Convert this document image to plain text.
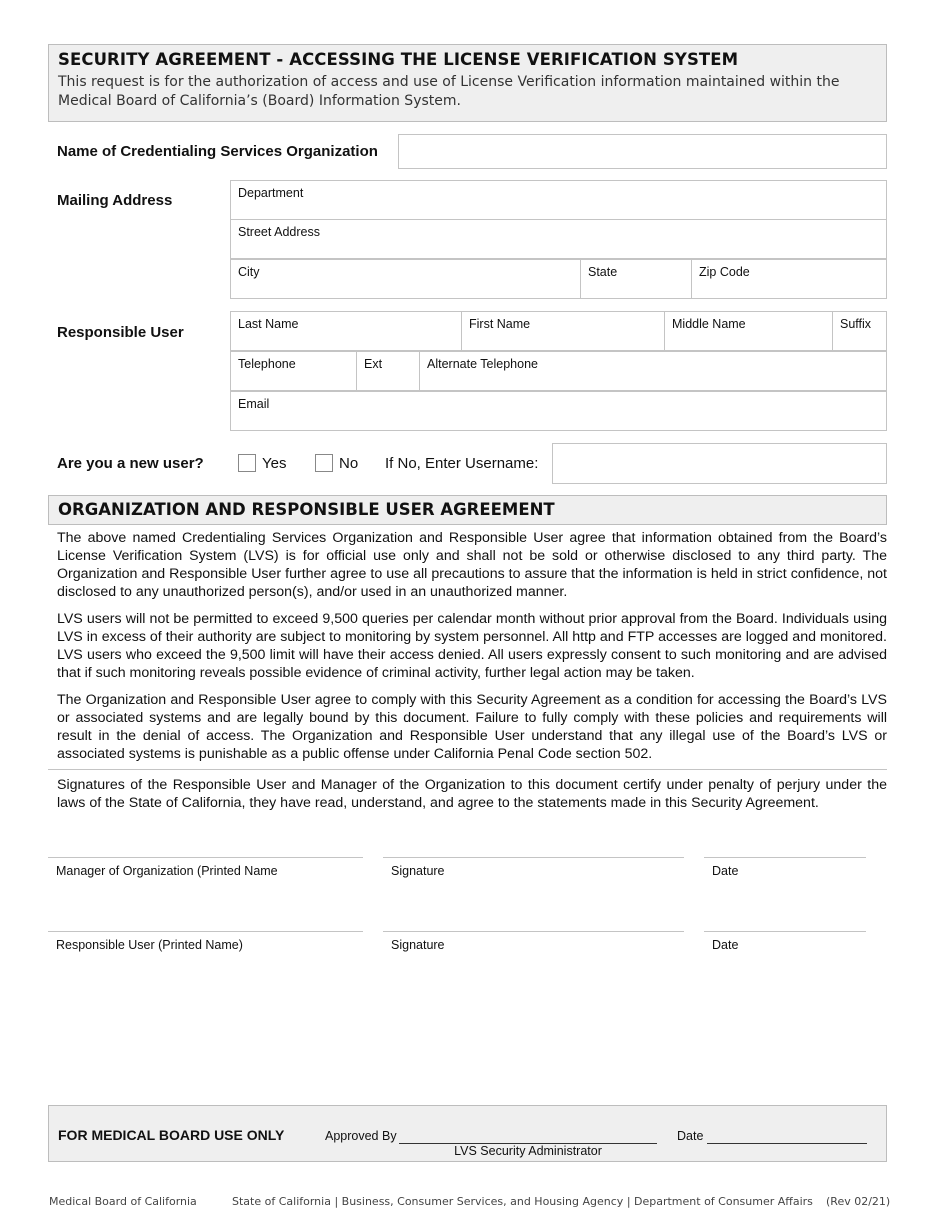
SECURITY AGREEMENT - ACCESSING THE LICENSE VERIFICATION SYSTEM
This request is for the authorization of access and use of License Verification information maintained within the Medical Board of California’s (Board) Information System.
Name of Credentialing Services Organization
Mailing Address	Department
Street Address
City	State	Zip Code
Responsible User	Last Name	First Name	Middle Name	Suffix
Telephone	Ext	Alternate Telephone
Email
Are you a new user?	Yes	No If No, Enter Username:
ORGANIZATION AND RESPONSIBLE USER AGREEMENT
The above named Credentialing Services Organization and Responsible User agree that information obtained from the Board’s License Verification System (LVS) is for official use only and shall not be sold or otherwise disclosed to any third party. The Organization and Responsible User further agree to use all precautions to assure that the information is held in strict confidence, not disclosed to any unauthorized person(s), and/or used in an unauthorized manner.
LVS users will not be permitted to exceed 9,500 queries per calendar month without prior approval from the Board. Individuals using LVS in excess of their authority are subject to monitoring by system personnel. All http and FTP accesses are logged and monitored. LVS users who exceed the 9,500 limit will have their access denied. All users expressly consent to such monitoring and are advised that if such monitoring reveals possible evidence of criminal activity, further legal action may be taken.
The Organization and Responsible User agree to comply with this Security Agreement as a condition for accessing the Board’s LVS or associated systems and are legally bound by this document. Failure to fully comply with these policies and requirements will result in the denial of access. The Organization and Responsible User understand that any illegal use of the Board’s LVS or associated systems is punishable as a public offense under California Penal Code section 502.
Signatures of the Responsible User and Manager of the Organization to this document certify under penalty of perjury under the laws of the State of California, they have read, understand, and agree to the statements made in this Security Agreement.
Manager of Organization (Printed Name	Signature	Date
Responsible User (Printed Name)	Signature	Date
FOR MEDICAL BOARD USE ONLY	Approved By
LVS Security Administrator
Date
Medical Board of California	State of California | Business, Consumer Services, and Housing Agency | Department of Consumer Affairs (Rev 02/21)
